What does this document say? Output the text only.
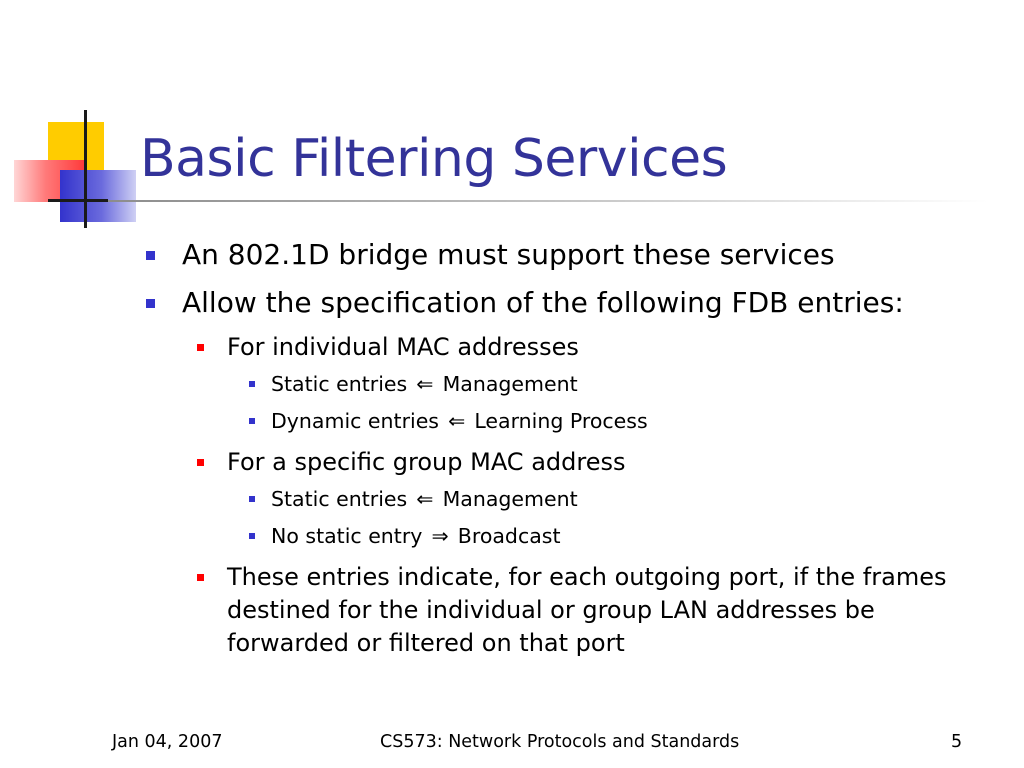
Basic Filtering Services

An 802.1D bridge must support these services

Allow the specification of the following FDB entries:

For individual MAC addresses

Static entries ⇐ Management

Dynamic entries ⇐ Learning Process

For a specific group MAC address

Static entries ⇐ Management

No static entry ⇒ Broadcast

These entries indicate, for each outgoing port, if the frames
destined for the individual or group LAN addresses be
forwarded or filtered on that port
Jan 04, 2007	CS573: Network Protocols and Standards	5
